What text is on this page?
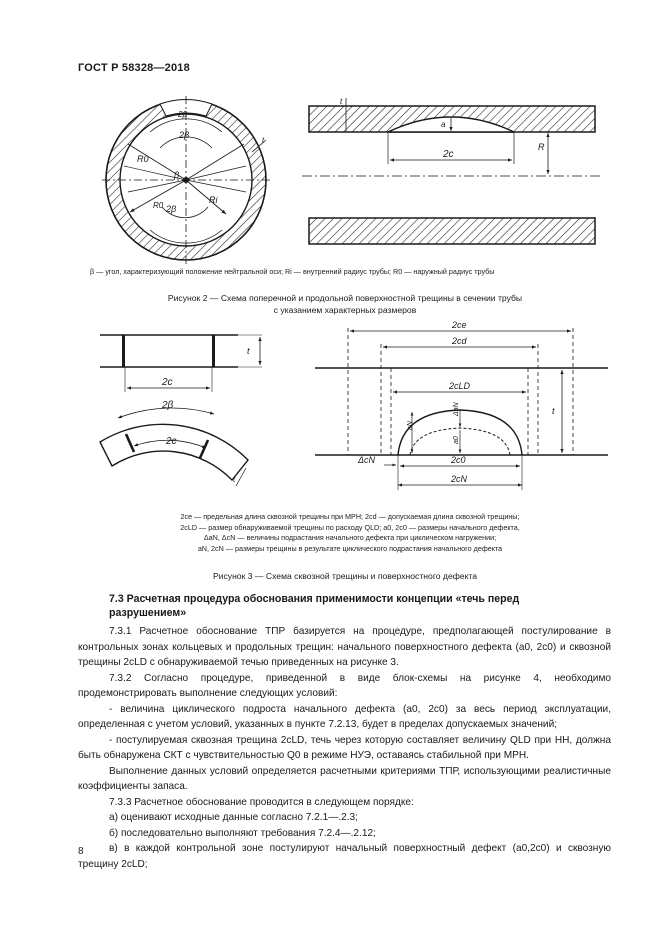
ГОСТ Р 58328—2018
β
2β
2β
2β
R0
R0
Ri
t
t
a
2c
R
β — угол, характеризующий положение нейтральной оси; Ri — внутренний радиус трубы; R0 — наружный радиус трубы
Рисунок 2 — Схема поперечной и продольной поверхностной трещины в сечении трубы
с указанием характерных размеров
2c
t
2β
2c
t
2ce
2cd
2cLD
t
aN
ΔaN
a0
2c0
2cN
ΔcN
2ce — предельная длина сквозной трещины при МРН; 2cd — допускаемая длина сквозной трещины;
2cLD — размер обнаруживаемой трещины по расходу QLD; a0, 2c0 — размеры начального дефекта,
ΔaN, ΔcN — величины подрастания начального дефекта при циклическом нагружении;
aN, 2cN — размеры трещины в результате циклического подрастания начального дефекта
Рисунок 3 — Схема сквозной трещины и поверхностного дефекта
7.3 Расчетная процедура обоснования применимости концепции «течь перед разрушением»

7.3.1 Расчетное обоснование ТПР базируется на процедуре, предполагающей постулирование в контрольных зонах кольцевых и продольных трещин: начального поверхностного дефекта (a0, 2c0) и сквозной трещины 2cLD с обнаруживаемой течью приведенных на рисунке 3.

7.3.2 Согласно процедуре, приведенной в виде блок-схемы на рисунке 4, необходимо продемонстрировать выполнение следующих условий:

- величина циклического подроста начального дефекта (a0, 2c0) за весь период эксплуатации, определенная с учетом условий, указанных в пункте 7.2.13, будет в пределах допускаемых значений;

- постулируемая сквозная трещина 2cLD, течь через которую составляет величину QLD при НН, должна быть обнаружена СКТ с чувствительностью Q0 в режиме НУЭ, оставаясь стабильной при МРН.

Выполнение данных условий определяется расчетными критериями ТПР, использующими реалистичные коэффициенты запаса.

7.3.3 Расчетное обоснование проводится в следующем порядке:

а) оценивают исходные данные согласно 7.2.1—.2.3;

б) последовательно выполняют требования 7.2.4—.2.12;

в) в каждой контрольной зоне постулируют начальный поверхностный дефект (a0,2c0) и сквозную трещину 2cLD;

8
